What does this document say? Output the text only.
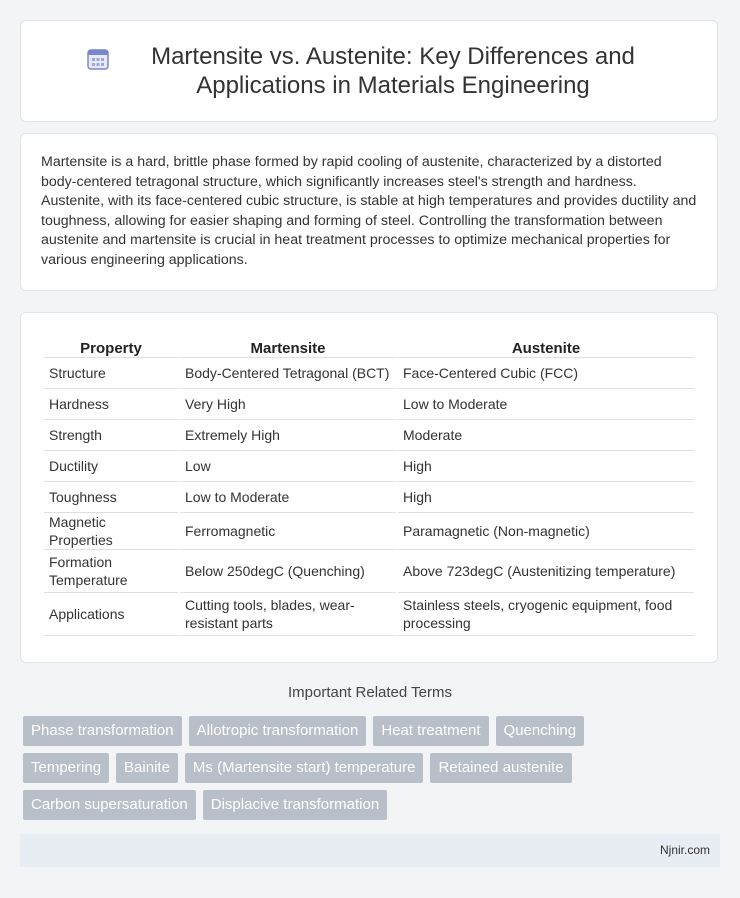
Martensite vs. Austenite: Key Differences and Applications in Materials Engineering

Martensite is a hard, brittle phase formed by rapid cooling of austenite, characterized by a distorted body-centered tetragonal structure, which significantly increases steel's strength and hardness. Austenite, with its face-centered cubic structure, is stable at high temperatures and provides ductility and toughness, allowing for easier shaping and forming of steel. Controlling the transformation between austenite and martensite is crucial in heat treatment processes to optimize mechanical properties for various engineering applications.

Property	Martensite	Austenite
Structure	Body-Centered Tetragonal (BCT)	Face-Centered Cubic (FCC)
Hardness	Very High	Low to Moderate
Strength	Extremely High	Moderate
Ductility	Low	High
Toughness	Low to Moderate	High
Magnetic Properties	Ferromagnetic	Paramagnetic (Non-magnetic)
Formation Temperature	Below 250degC (Quenching)	Above 723degC (Austenitizing temperature)
Applications	Cutting tools, blades, wear-resistant parts	Stainless steels, cryogenic equipment, food processing
Important Related Terms
Phase transformation	Allotropic transformation	Heat treatment	Quenching
Tempering	Bainite	Ms (Martensite start) temperature	Retained austenite
Carbon supersaturation	Displacive transformation
Njnir.com
